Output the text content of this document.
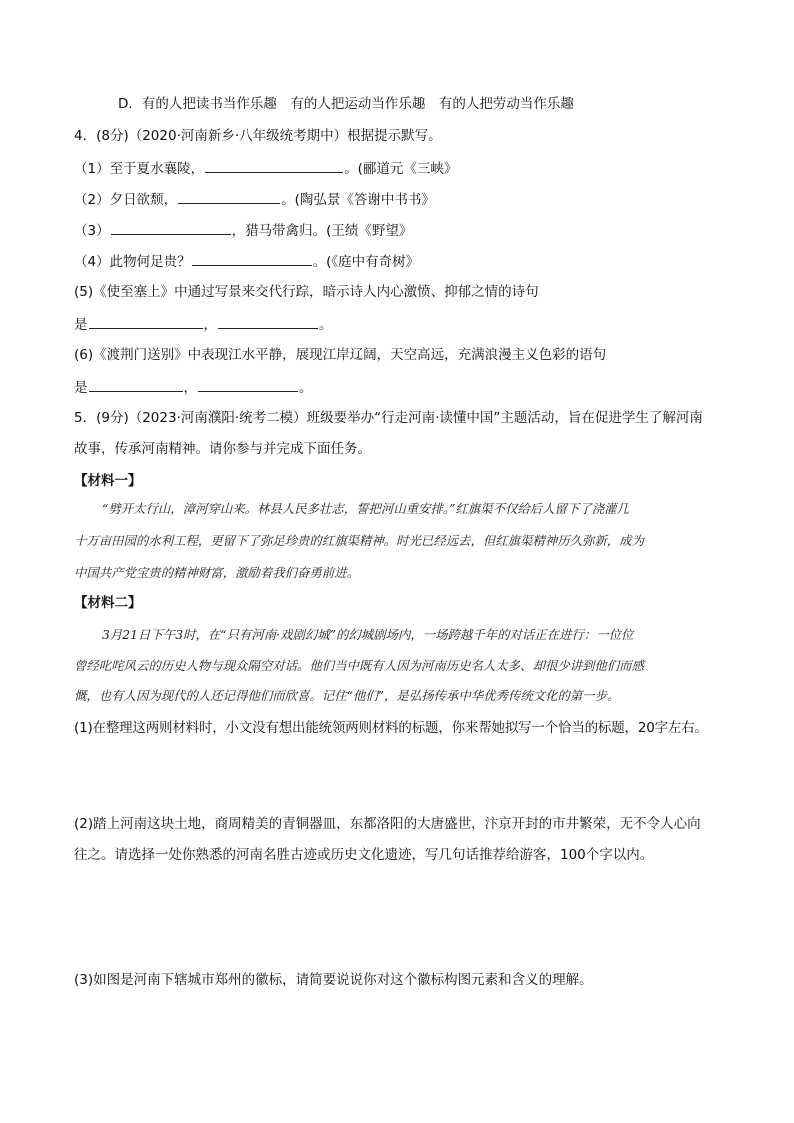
D．有的人把读书当作乐趣　有的人把运动当作乐趣　有的人把劳动当作乐趣
4．(8分)（2020·河南新乡·八年级统考期中）根据提示默写。
（1）至于夏水襄陵，	。(郦道元《三峡》
（2）夕日欲颓，	。(陶弘景《答谢中书书》
（3）	，猎马带禽归。(王绩《野望》
（4）此物何足贵？	。(《庭中有奇树》
(5)《使至塞上》中通过写景来交代行踪，暗示诗人内心激愤、抑郁之情的诗句
是	，	。
(6)《渡荆门送别》中表现江水平静，展现江岸辽阔，天空高远，充满浪漫主义色彩的语句
是	，	。
5．(9分)（2023·河南濮阳·统考二模）班级要举办“行走河南·读懂中国”主题活动，旨在促进学生了解河南
故事，传承河南精神。请你参与并完成下面任务。
【材料一】
“劈开太行山，漳河穿山来。林县人民多壮志，誓把河山重安排。”红旗渠不仅给后人留下了浇灌几
十万亩田园的水利工程，更留下了弥足珍贵的红旗渠精神。时光已经远去，但红旗渠精神历久弥新，成为
中国共产党宝贵的精神财富，激励着我们奋勇前进。
【材料二】
3月21日下午3时，在“只有河南·戏剧幻城”的幻城剧场内，一场跨越千年的对话正在进行：一位位
曾经叱咤风云的历史人物与现众隔空对话。他们当中既有人因为河南历史名人太多、却很少讲到他们而感
慨，也有人因为现代的人还记得他们而欣喜。记住“他们”，是弘扬传承中华优秀传统文化的第一步。
(1)在整理这两则材料时，小文没有想出能统领两则材料的标题，你来帮她拟写一个恰当的标题，20字左右。
(2)踏上河南这块土地，商周精美的青铜器皿，东都洛阳的大唐盛世，汴京开封的市井繁荣，无不令人心向
往之。请选择一处你熟悉的河南名胜古迹或历史文化遗迹，写几句话推荐给游客，100个字以内。
(3)如图是河南下辖城市郑州的徽标，请简要说说你对这个徽标构图元素和含义的理解。
